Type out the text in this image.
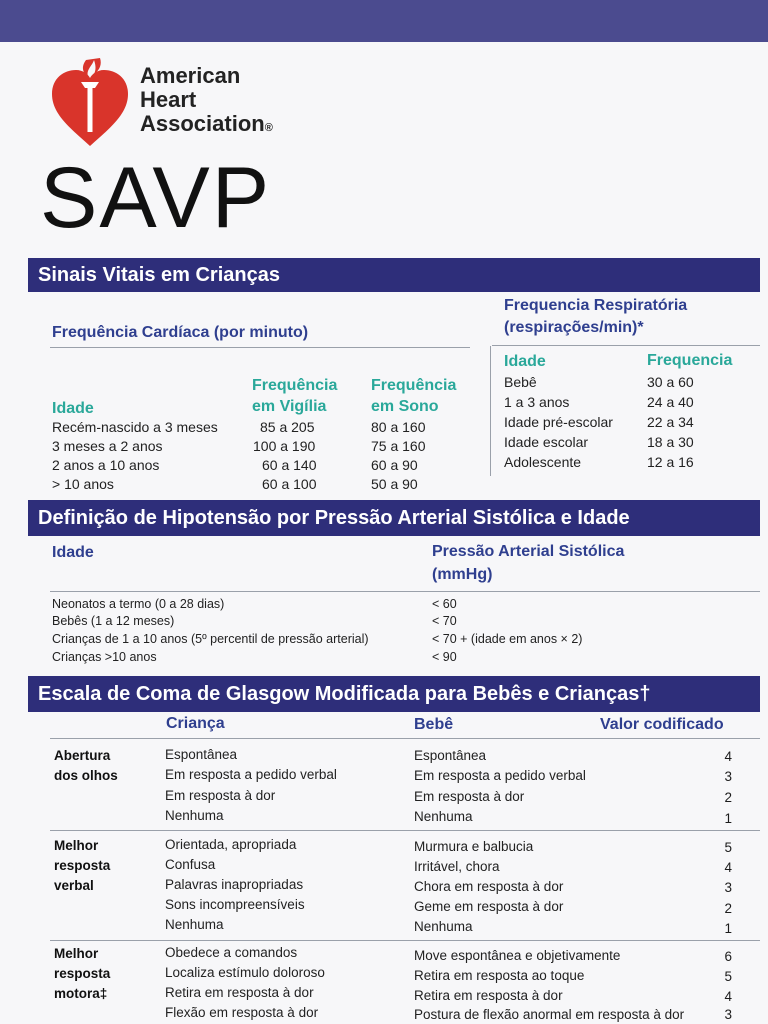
American
Heart
Association®
SAVP
Sinais Vitais em Crianças
Frequência Cardíaca (por minuto)
Frequência
em Vigília
Frequência
em Sono
Idade
Recém-nascido a 3 meses	85 a 205	80 a 160
3 meses a 2 anos	100 a 190	75 a 160
2 anos a 10 anos	60 a 140	60 a 90
> 10 anos	60 a 100	50 a 90
Frequencia Respiratória
(respirações/min)*
Idade	Frequencia
Bebê	30 a 60
1 a 3 anos	24 a 40
Idade pré-escolar 22 a 34
Idade escolar	18 a 30
Adolescente	12 a 16
Definição de Hipotensão por Pressão Arterial Sistólica e Idade
Idade	Pressão Arterial Sistólica
(mmHg)
Neonatos a termo (0 a 28 dias)	< 60
Bebês (1 a 12 meses)	< 70
Crianças de 1 a 10 anos (5º percentil de pressão arterial)	< 70 + (idade em anos × 2)
Crianças >10 anos	< 90
Escala de Coma de Glasgow Modificada para Bebês e Crianças†
Criança	Bebê	Valor codificado
Abertura
dos olhos
Espontânea	Espontânea	4
Em resposta a pedido verbal	Em resposta a pedido verbal	3
Em resposta à dor	Em resposta à dor	2
Nenhuma	Nenhuma	1
Melhor
resposta
verbal
Orientada, apropriada	Murmura e balbucia	5
Confusa	Irritável, chora	4
Palavras inapropriadas	Chora em resposta à dor	3
Sons incompreensíveis	Geme em resposta à dor	2
Nenhuma	Nenhuma	1
Melhor
resposta
motora‡
Obedece a comandos	Move espontânea e objetivamente	6
Localiza estímulo doloroso	Retira em resposta ao toque	5
Retira em resposta à dor	Retira em resposta à dor	4
Flexão em resposta à dor	Postura de flexão anormal em resposta à dor	3
